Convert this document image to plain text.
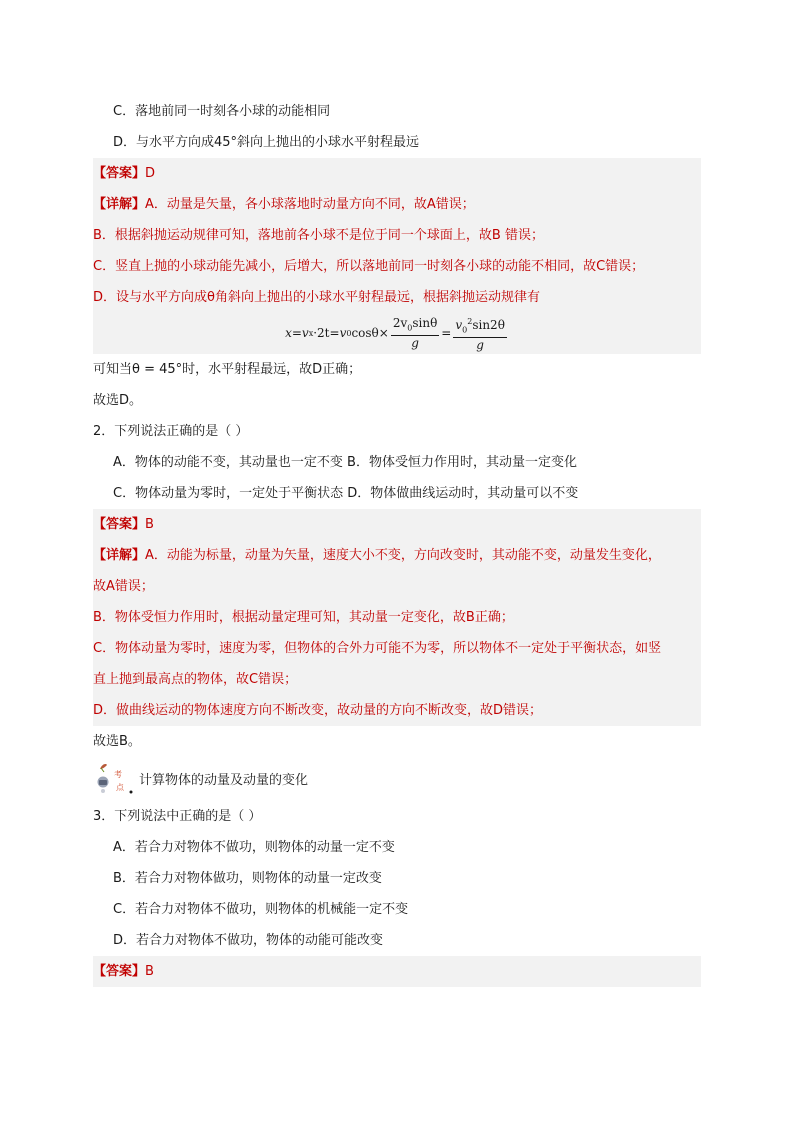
C．落地前同一时刻各小球的动能相同
D．与水平方向成45°斜向上抛出的小球水平射程最远
【答案】D
【详解】A．动量是矢量，各小球落地时动量方向不同，故A错误；
B．根据斜抛运动规律可知，落地前各小球不是位于同一个球面上，故B 错误；
C．竖直上抛的小球动能先减小，后增大，所以落地前同一时刻各小球的动能不相同，故C错误；
D．设与水平方向成θ角斜向上抛出的小球水平射程最远，根据斜抛运动规律有
x = v x ·2t = v 0 $\cos\theta\times \frac{2v_0\sin\theta}{g} = \frac{v_0^2\sin 2\theta}{g}$
可知当θ = 45°时，水平射程最远，故D正确；
故选D。
2．下列说法正确的是（ ）
A．物体的动能不变，其动量也一定不变 B．物体受恒力作用时，其动量一定变化
C．物体动量为零时，一定处于平衡状态 D．物体做曲线运动时，其动量可以不变
【答案】B
【详解】A．动能为标量，动量为矢量，速度大小不变，方向改变时，其动能不变，动量发生变化，
故A错误；
B．物体受恒力作用时，根据动量定理可知，其动量一定变化，故B正确；
C．物体动量为零时，速度为零，但物体的合外力可能不为零，所以物体不一定处于平衡状态，如竖
直上抛到最高点的物体，故C错误；
D．做曲线运动的物体速度方向不断改变，故动量的方向不断改变，故D错误；
故选B。
考
点 计算物体的动量及动量的变化
3．下列说法中正确的是（ ）
A．若合力对物体不做功，则物体的动量一定不变
B．若合力对物体做功，则物体的动量一定改变
C．若合力对物体不做功，则物体的机械能一定不变
D．若合力对物体不做功，物体的动能可能改变
【答案】B
